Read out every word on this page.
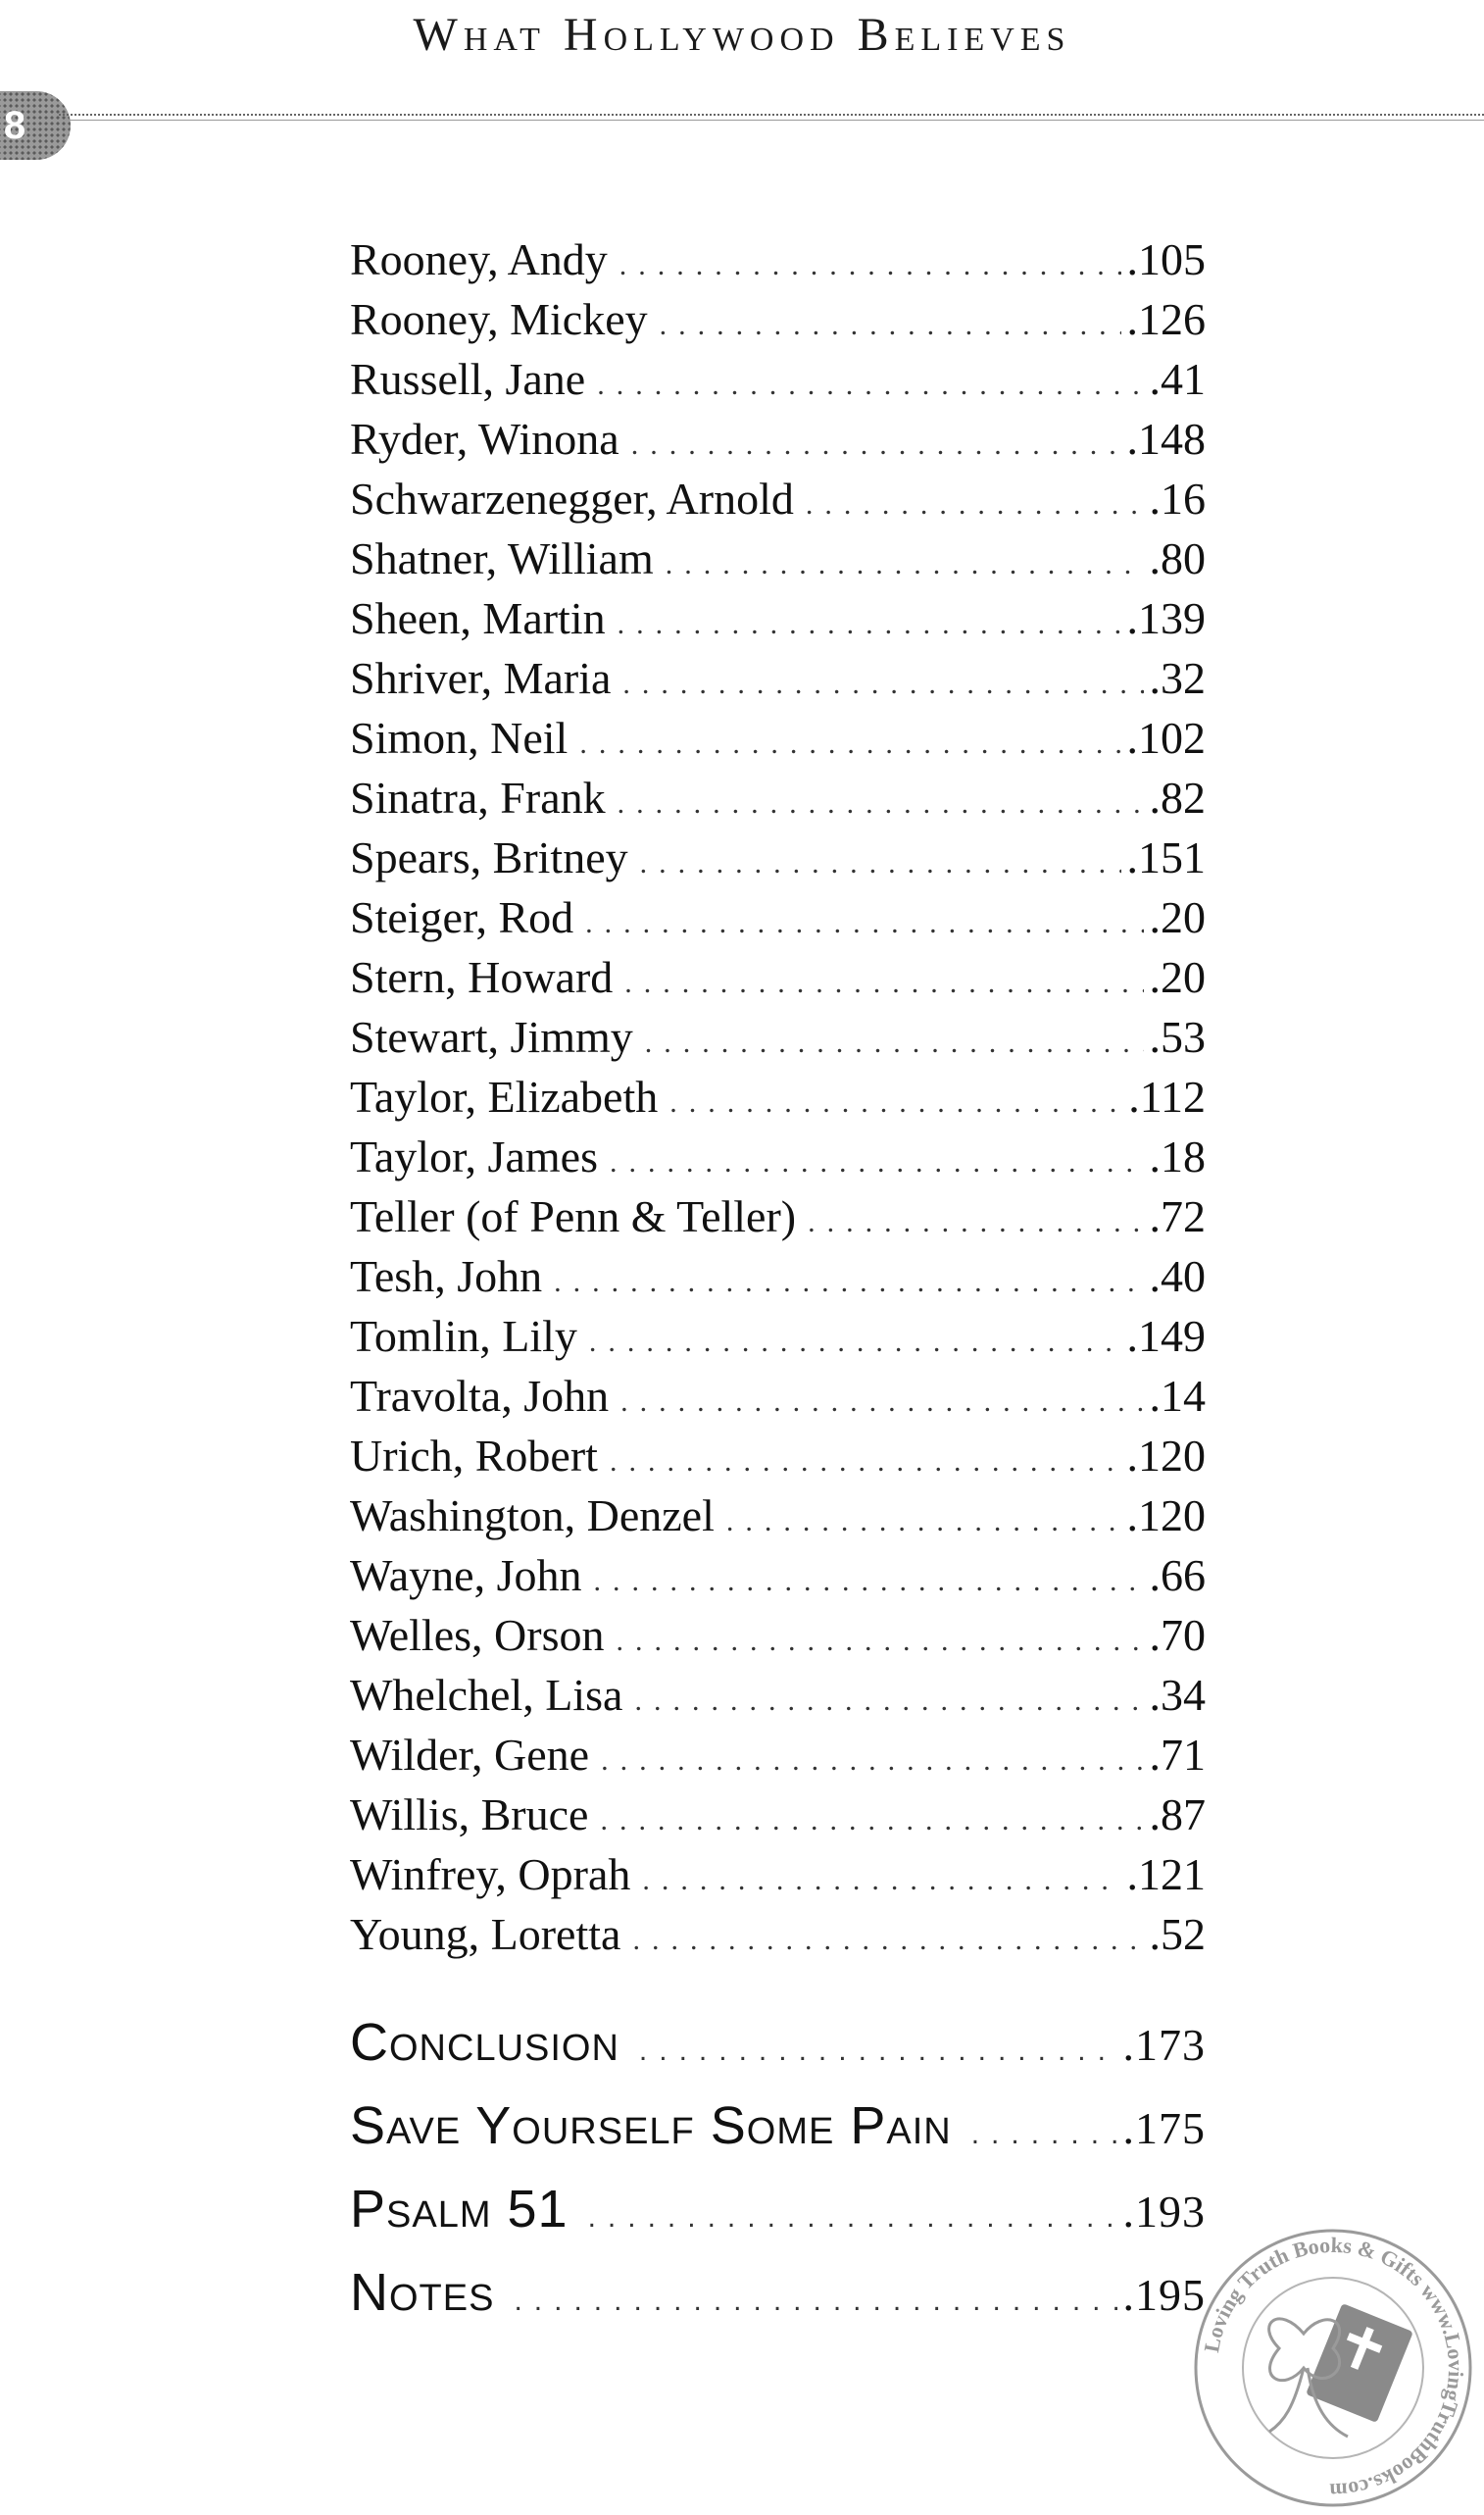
What Hollywood Believes
8
Rooney, Andy .....	.105
Rooney, Mickey .....	.126
Russell, Jane .....	.41
Ryder, Winona .....	.148
Schwarzenegger, Arnold .....	.16
Shatner, William .....	.80
Sheen, Martin .....	.139
Shriver, Maria .....	.32
Simon, Neil .....	.102
Sinatra, Frank .....	.82
Spears, Britney .....	.151
Steiger, Rod .....	.20
Stern, Howard .....	.20
Stewart, Jimmy .....	.53
Taylor, Elizabeth .....	.112
Taylor, James .....	.18
Teller (of Penn & Teller) .....	.72
Tesh, John .....	.40
Tomlin, Lily .....	.149
Travolta, John .....	.14
Urich, Robert .....	.120
Washington, Denzel .....	.120
Wayne, John .....	.66
Welles, Orson .....	.70
Whelchel, Lisa .....	.34
Wilder, Gene .....	.71
Willis, Bruce .....	.87
Winfrey, Oprah .....	.121
Young, Loretta .....	.52
Conclusion .....	.173
Save Yourself Some Pain .....	.175
Psalm 51 .....	.193
Notes .....	.195
Loving Truth Books & Gifts www.LovingTruthBooks.com
